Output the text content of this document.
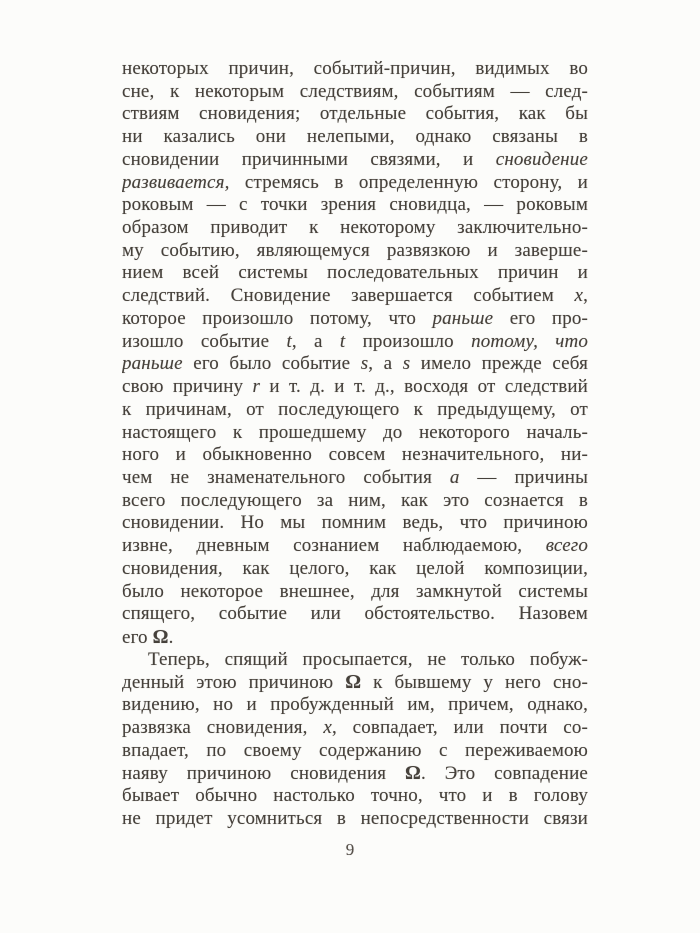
некоторых причин, событий-причин, видимых во
сне, к некоторым следствиям, событиям — след-
ствиям сновидения; отдельные события, как бы
ни казались они нелепыми, однако связаны в
сновидении причинными связями, и сновидение
развивается, стремясь в определенную сторону, и
роковым — с точки зрения сновидца, — роковым
образом приводит к некоторому заключительно-
му событию, являющемуся развязкою и заверше-
нием всей системы последовательных причин и
следствий. Сновидение завершается событием x,
которое произошло потому, что раньше его про-
изошло событие t, а t произошло потому, что
раньше его было событие s, а s имело прежде себя
свою причину r и т. д. и т. д., восходя от следствий
к причинам, от последующего к предыдущему, от
настоящего к прошедшему до некоторого началь-
ного и обыкновенно совсем незначительного, ни-
чем не знаменательного события a — причины
всего последующего за ним, как это сознается в
сновидении. Но мы помним ведь, что причиною
извне, дневным сознанием наблюдаемою, всего
сновидения, как целого, как целой композиции,
было некоторое внешнее, для замкнутой системы
спящего, событие или обстоятельство. Назовем
его Ω.
Теперь, спящий просыпается, не только побуж-
денный этою причиною Ω к бывшему у него сно-
видению, но и пробужденный им, причем, однако,
развязка сновидения, x, совпадает, или почти со-
впадает, по своему содержанию с переживаемою
наяву причиною сновидения Ω. Это совпадение
бывает обычно настолько точно, что и в голову
не придет усомниться в непосредственности связи
9
